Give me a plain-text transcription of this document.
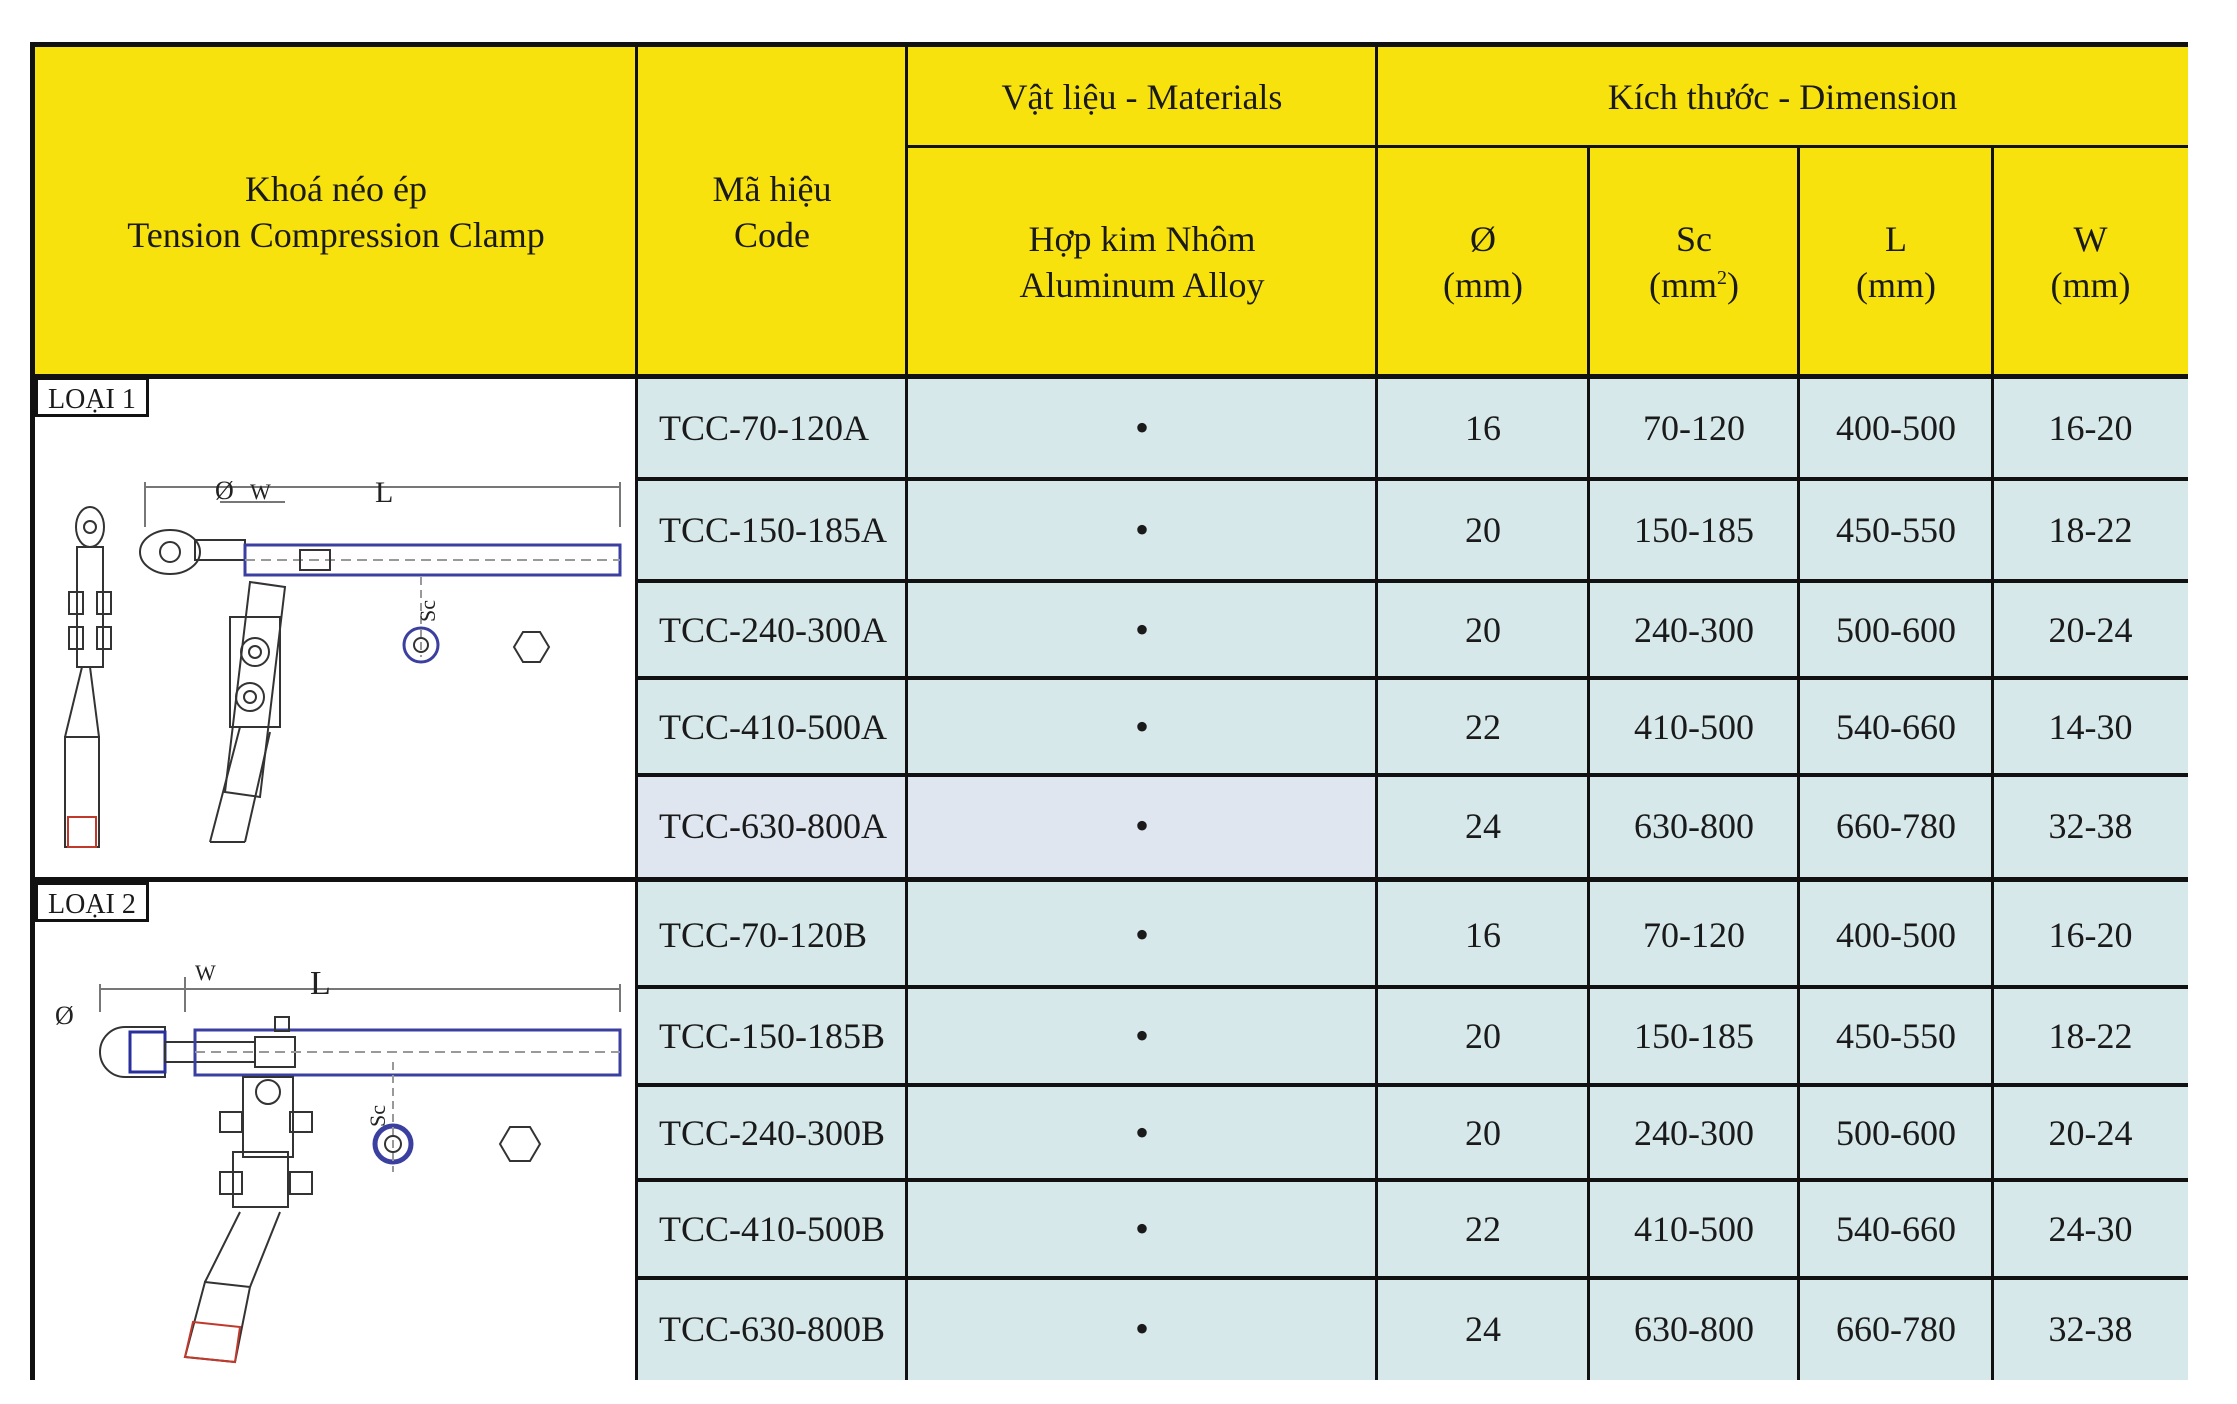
Khoá néo ép
Tension Compression Clamp
Mã hiệu
Code
Vật liệu - Materials
Hợp kim Nhôm
Aluminum Alloy
Kích thước - Dimension
Ø
(mm)
Sc
$(mm^2)$
L
(mm)
W
(mm)
LOẠI 1
Ø W	L
Sc
LOẠI 2
Ø
W	L
Sc
TCC-70-120A	•	16	70-120	400-500	16-20
TCC-150-185A	•	20	150-185	450-550	18-22
TCC-240-300A	•	20	240-300	500-600	20-24
TCC-410-500A	•	22	410-500	540-660	14-30
TCC-630-800A	•	24	630-800	660-780	32-38
TCC-70-120B	•	16	70-120	400-500	16-20
TCC-150-185B	•	20	150-185	450-550	18-22
TCC-240-300B	•	20	240-300	500-600	20-24
TCC-410-500B	•	22	410-500	540-660	24-30
TCC-630-800B	•	24	630-800	660-780	32-38
